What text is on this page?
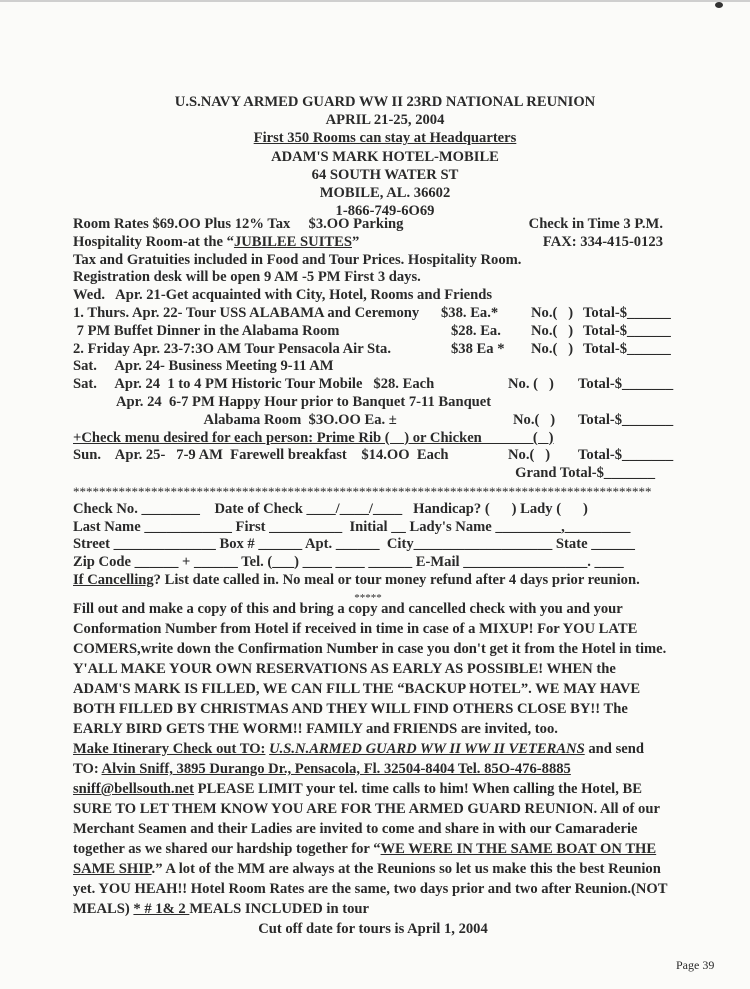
U.S.NAVY ARMED GUARD WW II 23RD NATIONAL REUNION
APRIL 21-25, 2004
First 350 Rooms can stay at Headquarters
ADAM'S MARK HOTEL-MOBILE
64 SOUTH WATER ST
MOBILE, AL. 36602
1-866-749-6O69
Room Rates $69.OO Plus 12% Tax     $3.OO Parking	Check in Time 3 P.M.
Hospitality Room-at the “JUBILEE SUITES”	FAX: 334-415-0123
Tax and Gratuities included in Food and Tour Prices. Hospitality Room.
Registration desk will be open 9 AM -5 PM First 3 days.
Wed.   Apr. 21-Get acquainted with City, Hotel, Rooms and Friends
1. Thurs. Apr. 22- Tour USS ALABAMA and Ceremony	$38. Ea.*	No.(   ) Total-$______
7 PM Buffet Dinner in the Alabama Room	$28. Ea.	No.(   ) Total-$______
2. Friday Apr. 23-7:3O AM Tour Pensacola Air Sta.	$38 Ea *	No.(   ) Total-$______
Sat.     Apr. 24- Business Meeting 9-11 AM
Sat.     Apr. 24  1 to 4 PM Historic Tour Mobile   $28. Each	No. (   )	Total-$_______
Apr. 24  6-7 PM Happy Hour prior to Banquet 7-11 Banquet
Alabama Room  $3O.OO Ea. ±	No.(   )	Total-$_______
+Check menu desired for each person: Prime Rib (    ) or Chicken              (   )
Sun.    Apr. 25-   7-9 AM  Farewell breakfast    $14.OO  Each	No.(   )	Total-$_______
Grand Total-$_______
*****************************************************************************************
Check No. ________    Date of Check ____/____/____   Handicap? (      ) Lady (      )
Last Name ____________ First __________  Initial __ Lady's Name _________,_________
Street ______________ Box # ______ Apt. ______  City___________________ State ______
Zip Code ______ + ______ Tel. (___) ____ ____ ______ E-Mail _________________. ____
If Cancelling ? List date called in. No meal or tour money refund after 4 days prior reunion.
*****
Fill out and make a copy of this and bring a copy and cancelled check with you and your Conformation Number from Hotel if received in time in case of a MIXUP! For YOU LATE COMERS,write down the Confirmation Number in case you don't get it from the Hotel in time. Y'ALL MAKE YOUR OWN RESERVATIONS AS EARLY AS POSSIBLE! WHEN the ADAM'S MARK IS FILLED, WE CAN FILL THE “BACKUP HOTEL”. WE MAY HAVE BOTH FILLED BY CHRISTMAS AND THEY WILL FIND OTHERS CLOSE BY!! The EARLY BIRD GETS THE WORM!! FAMILY and FRIENDS are invited, too.
Make Itinerary Check out TO: U.S.N.ARMED GUARD WW II WW II VETERANS and send TO: Alvin Sniff, 3895 Durango Dr., Pensacola, Fl. 32504-8404 Tel. 85O-476-8885 sniff@bellsouth.net PLEASE LIMIT your tel. time calls to him! When calling the Hotel, BE SURE TO LET THEM KNOW YOU ARE FOR THE ARMED GUARD REUNION. All of our Merchant Seamen and their Ladies are invited to come and share in with our Camaraderie together as we shared our hardship together for “WE WERE IN THE SAME BOAT ON THE SAME SHIP.” A lot of the MM are always at the Reunions so let us make this the best Reunion yet. YOU HEAH!! Hotel Room Rates are the same, two days prior and two after Reunion.(NOT MEALS) * # 1& 2 MEALS INCLUDED in tour
Cut off date for tours is April 1, 2004
Page 39
